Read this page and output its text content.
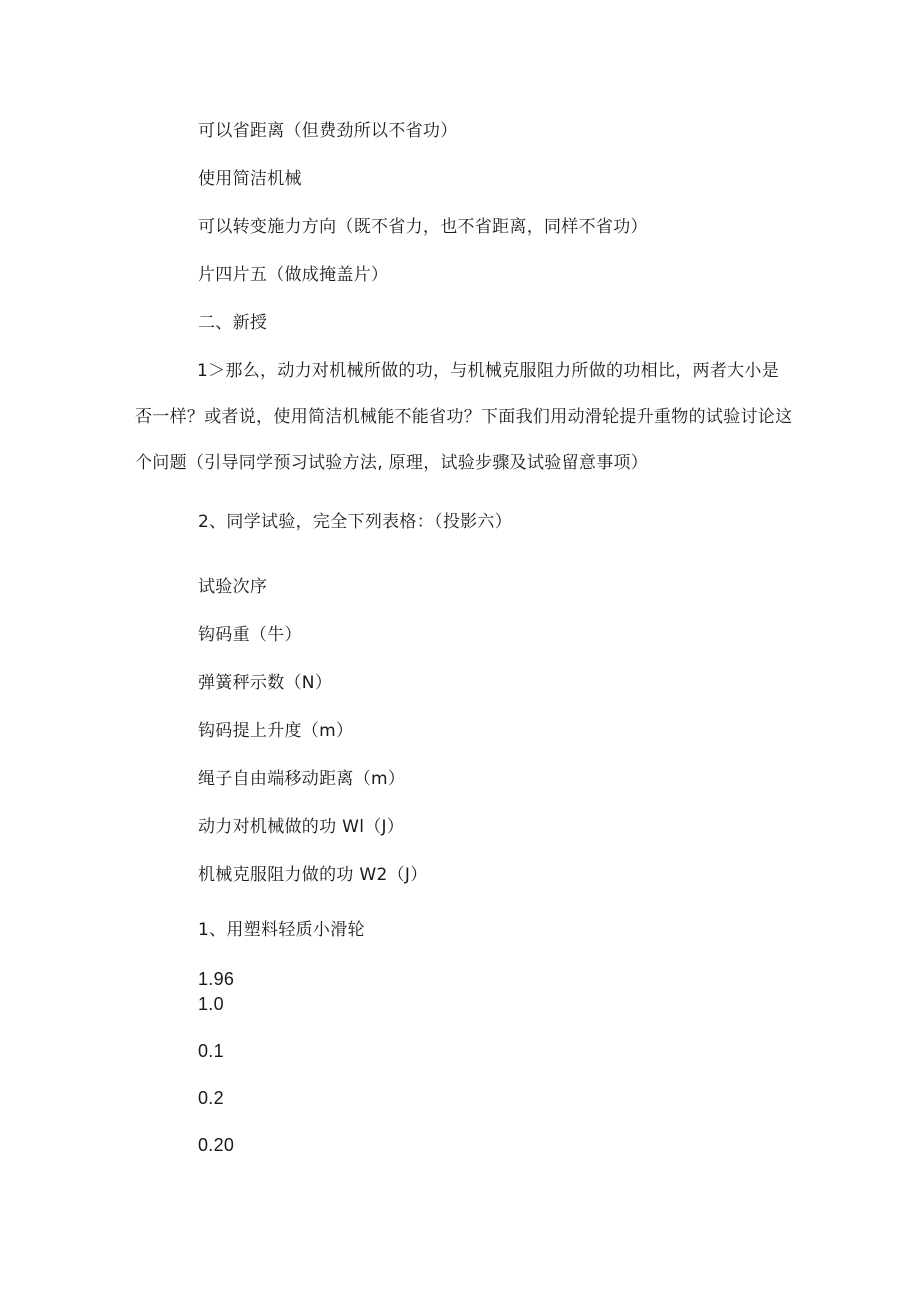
可以省距离（但费劲所以不省功）
使用简洁机械
可以转变施力方向（既不省力，也不省距离，同样不省功）
片四片五（做成掩盖片）
二、新授

1＞那么，动力对机械所做的功，与机械克服阻力所做的功相比，两者大小是否一样？或者说，使用简洁机械能不能省功？下面我们用动滑轮提升重物的试验讨论这个问题（引导同学预习试验方法, 原理，试验步骤及试验留意事项）

2、同学试验，完全下列表格：（投影六）
试验次序
钩码重（牛）
弹簧秤示数（N）
钩码提上升度（m）
绳子自由端移动距离（m）
动力对机械做的功 Wl（J）
机械克服阻力做的功 W2（J）
1、用塑料轻质小滑轮
1.96
1.0
0.1
0.2
0.20
